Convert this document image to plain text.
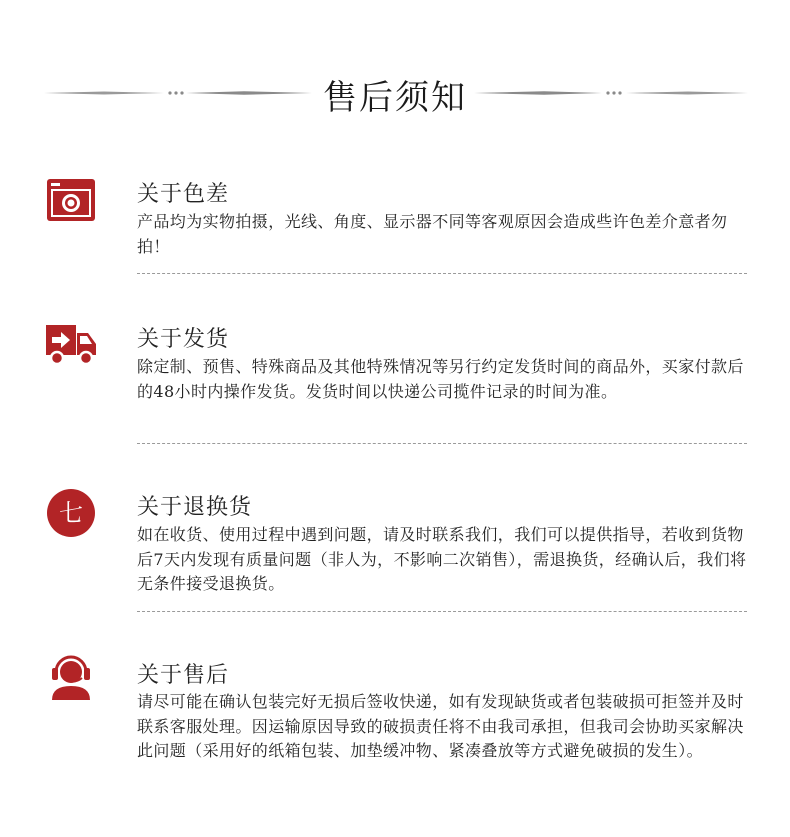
售后须知
关于色差
产品均为实物拍摄，光线、角度、显示器不同等客观原因会造成些许色差介意者勿拍！
关于发货
除定制、预售、特殊商品及其他特殊情况等另行约定发货时间的商品外，买家付款后的48小时内操作发货。发货时间以快递公司揽件记录的时间为准。
七 关于退换货
如在收货、使用过程中遇到问题，请及时联系我们，我们可以提供指导，若收到货物后7天内发现有质量问题（非人为，不影响二次销售），需退换货，经确认后，我们将无条件接受退换货。
关于售后
请尽可能在确认包装完好无损后签收快递，如有发现缺货或者包装破损可拒签并及时联系客服处理。因运输原因导致的破损责任将不由我司承担，但我司会协助买家解决此问题（采用好的纸箱包装、加垫缓冲物、紧凑叠放等方式避免破损的发生）。
